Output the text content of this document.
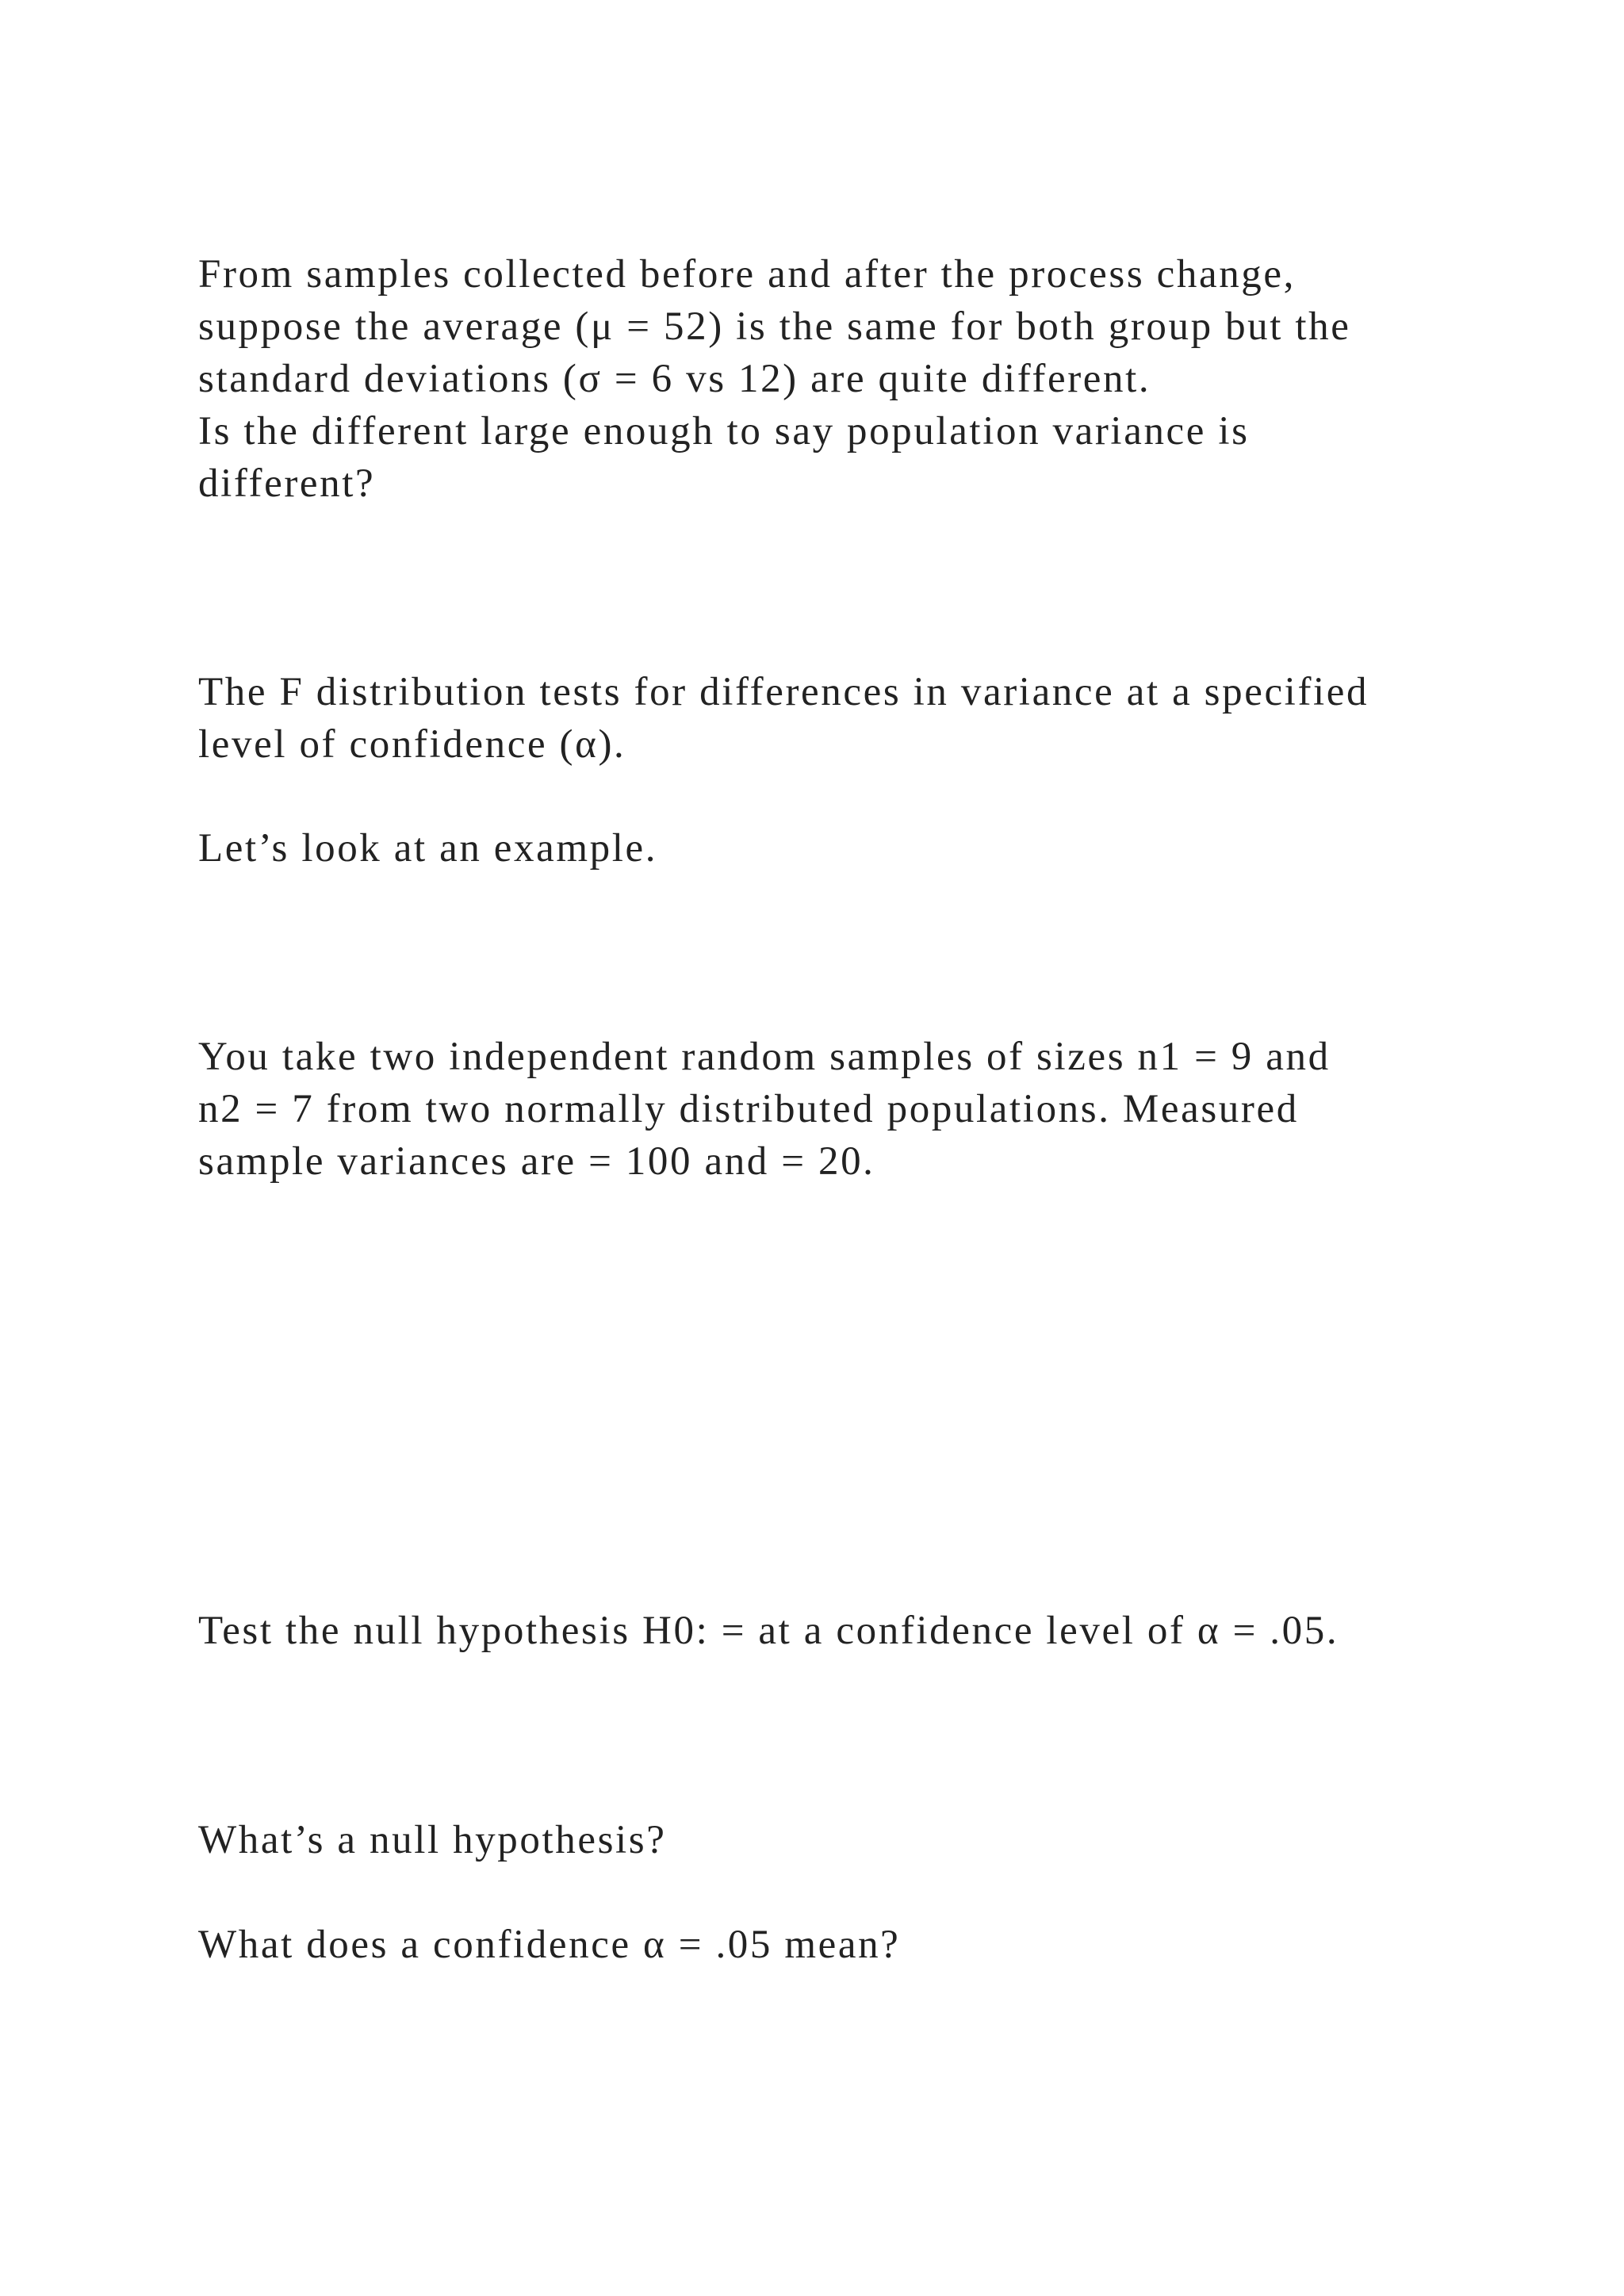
From samples collected before and after the process change,

suppose the average (μ = 52) is the same for both group but the

standard deviations (σ = 6 vs 12) are quite different.

Is the different large enough to say population variance is

different?

The F distribution tests for differences in variance at a specified

level of confidence (α).

Let’s look at an example.

You take two independent random samples of sizes n1 = 9 and

n2 = 7 from two normally distributed populations. Measured

sample variances are = 100 and = 20.

Test the null hypothesis H0: = at a confidence level of α = .05.

What’s a null hypothesis?

What does a confidence α = .05 mean?
